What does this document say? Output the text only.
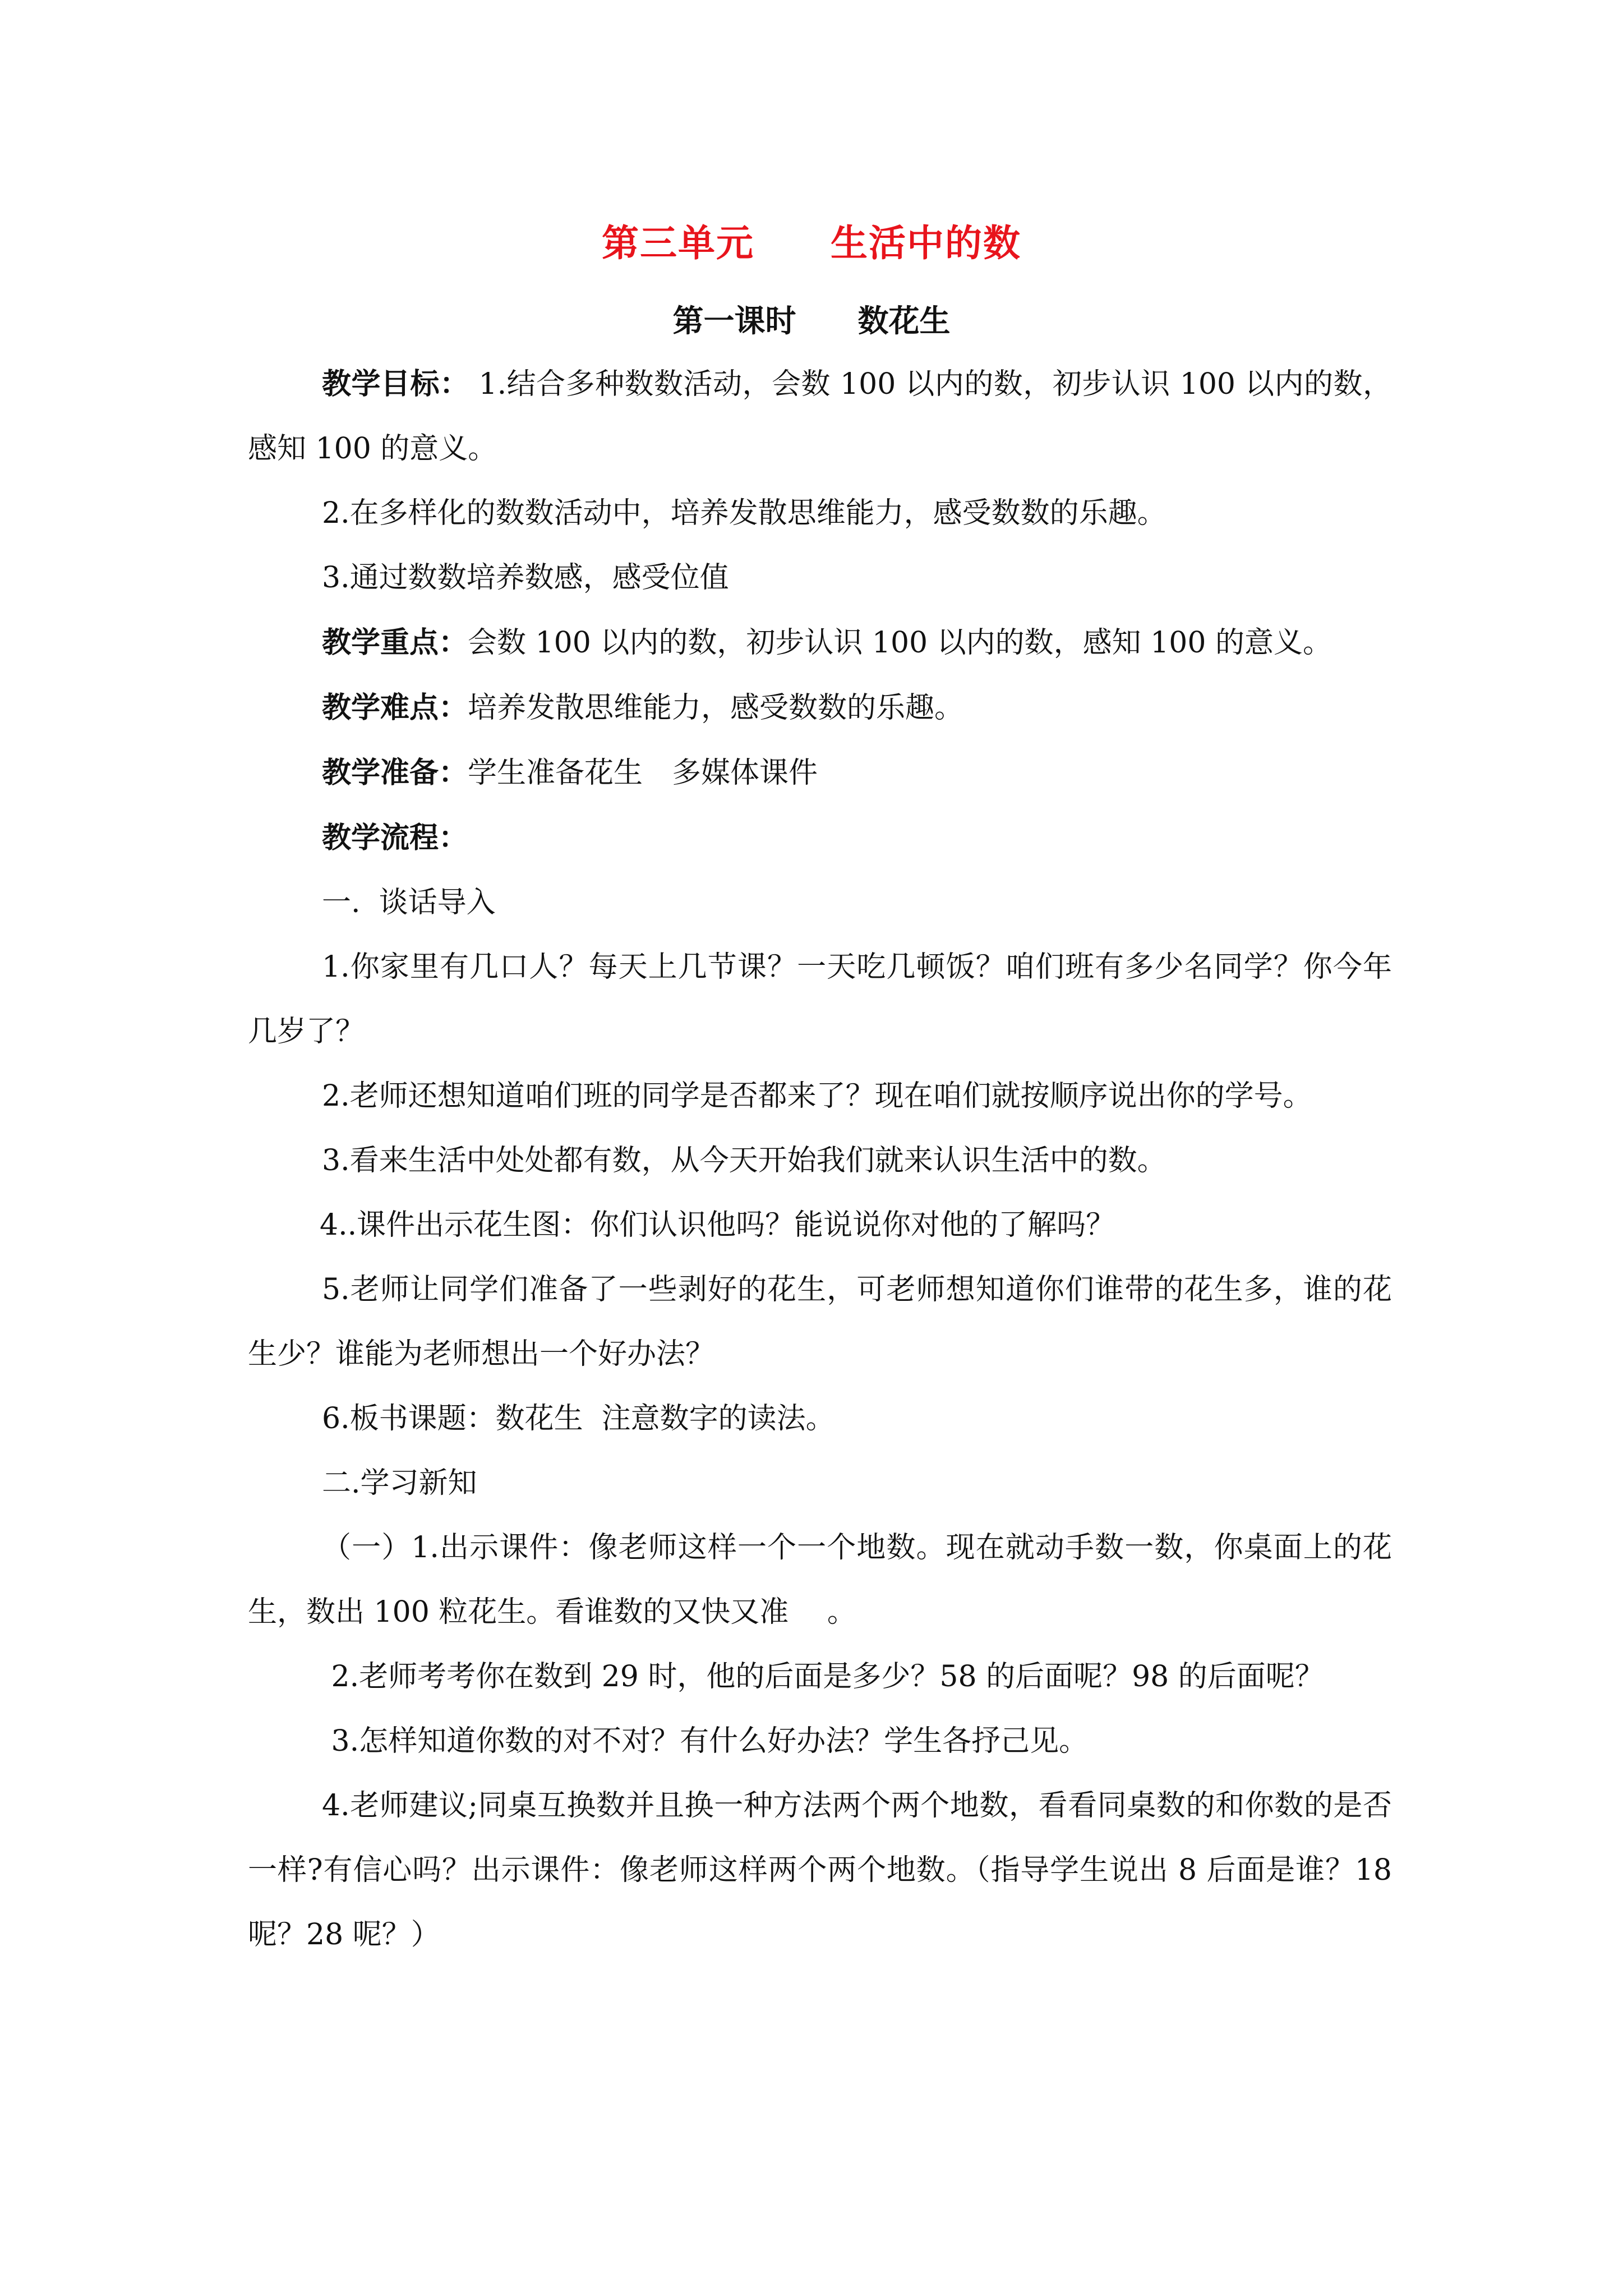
第三单元　　生活中的数
第一课时　　数花生

教学目标： 1.结合多种数数活动，会数 100 以内的数，初步认识 100 以内的数，感知 100 的意义。

2.在多样化的数数活动中，培养发散思维能力，感受数数的乐趣。

3.通过数数培养数感，感受位值

教学重点：会数 100 以内的数，初步认识 100 以内的数，感知 100 的意义。

教学难点：培养发散思维能力，感受数数的乐趣。

教学准备：学生准备花生　多媒体课件

教学流程：

一.  谈话导入

1.你家里有几口人？每天上几节课？一天吃几顿饭？咱们班有多少名同学？你今年几岁了？

2.老师还想知道咱们班的同学是否都来了？现在咱们就按顺序说出你的学号。

3.看来生活中处处都有数，从今天开始我们就来认识生活中的数。

4..课件出示花生图：你们认识他吗？能说说你对他的了解吗？

5.老师让同学们准备了一些剥好的花生，可老师想知道你们谁带的花生多，谁的花生少？谁能为老师想出一个好办法？

6.板书课题：数花生  注意数字的读法。

二.学习新知

（一）1.出示课件：像老师这样一个一个地数。现在就动手数一数，你桌面上的花生，数出 100 粒花生。看谁数的又快又准　 。

2.老师考考你在数到 29 时，他的后面是多少？58 的后面呢？98 的后面呢？

3.怎样知道你数的对不对？有什么好办法？学生各抒己见。

4.老师建议;同桌互换数并且换一种方法两个两个地数，看看同桌数的和你数的是否一样?有信心吗？出示课件：像老师这样两个两个地数。（指导学生说出 8 后面是谁？18 呢？28 呢？）
